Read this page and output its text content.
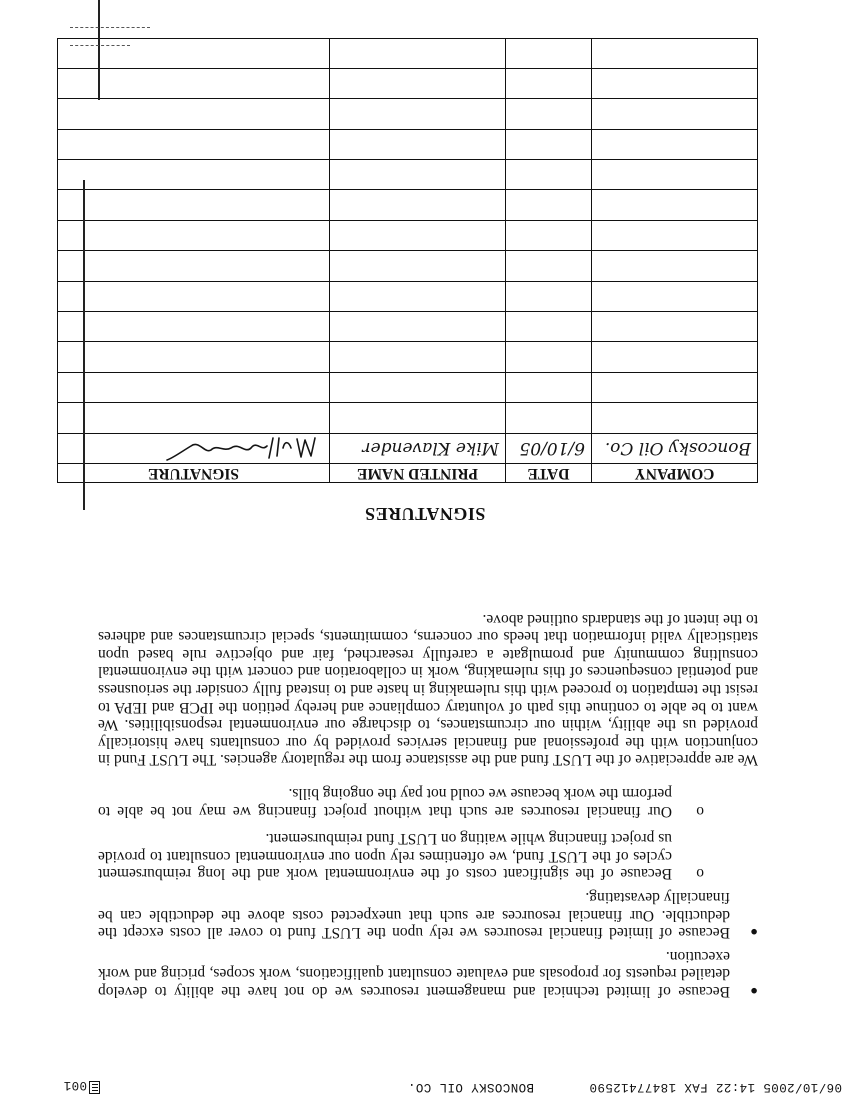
06/10/2005 14:22 FAX 18477412590
BONCOSKY OIL CO.
001
●
Because of limited technical and management resources we do not have the ability to develop detailed requests for proposals and evaluate consultant qualifications, work scopes, pricing and work execution.
●
Because of limited financial resources we rely upon the LUST fund to cover all costs except the deductible. Our financial resources are such that unexpected costs above the deductible can be financially devastating.
o
Because of the significant costs of the environmental work and the long reimbursement cycles of the LUST fund, we oftentimes rely upon our environmental consultant to provide us project financing while waiting on LUST fund reimbursement.
o
Our financial resources are such that without project financing we may not be able to perform the work because we could not pay the ongoing bills.

We are appreciative of the LUST fund and the assistance from the regulatory agencies. The LUST Fund in conjunction with the professional and financial services provided by our consultants have historically provided us the ability, within our circumstances, to discharge our environmental responsibilities. We want to be able to continue this path of voluntary compliance and hereby petition the IPCB and IEPA to resist the temptation to proceed with this rulemaking in haste and to instead fully consider the seriousness and potential consequences of this rulemaking, work in collaboration and concert with the environmental consulting community and promulgate a carefully researched, fair and objective rule based upon statistically valid information that heeds our concerns, commitments, special circumstances and adheres to the intent of the standards outlined above.

SIGNATURES
COMPANY	DATE	PRINTED NAME	SIGNATURE
Boncosky Oil Co.	6/10/05	Mike Klavender	
